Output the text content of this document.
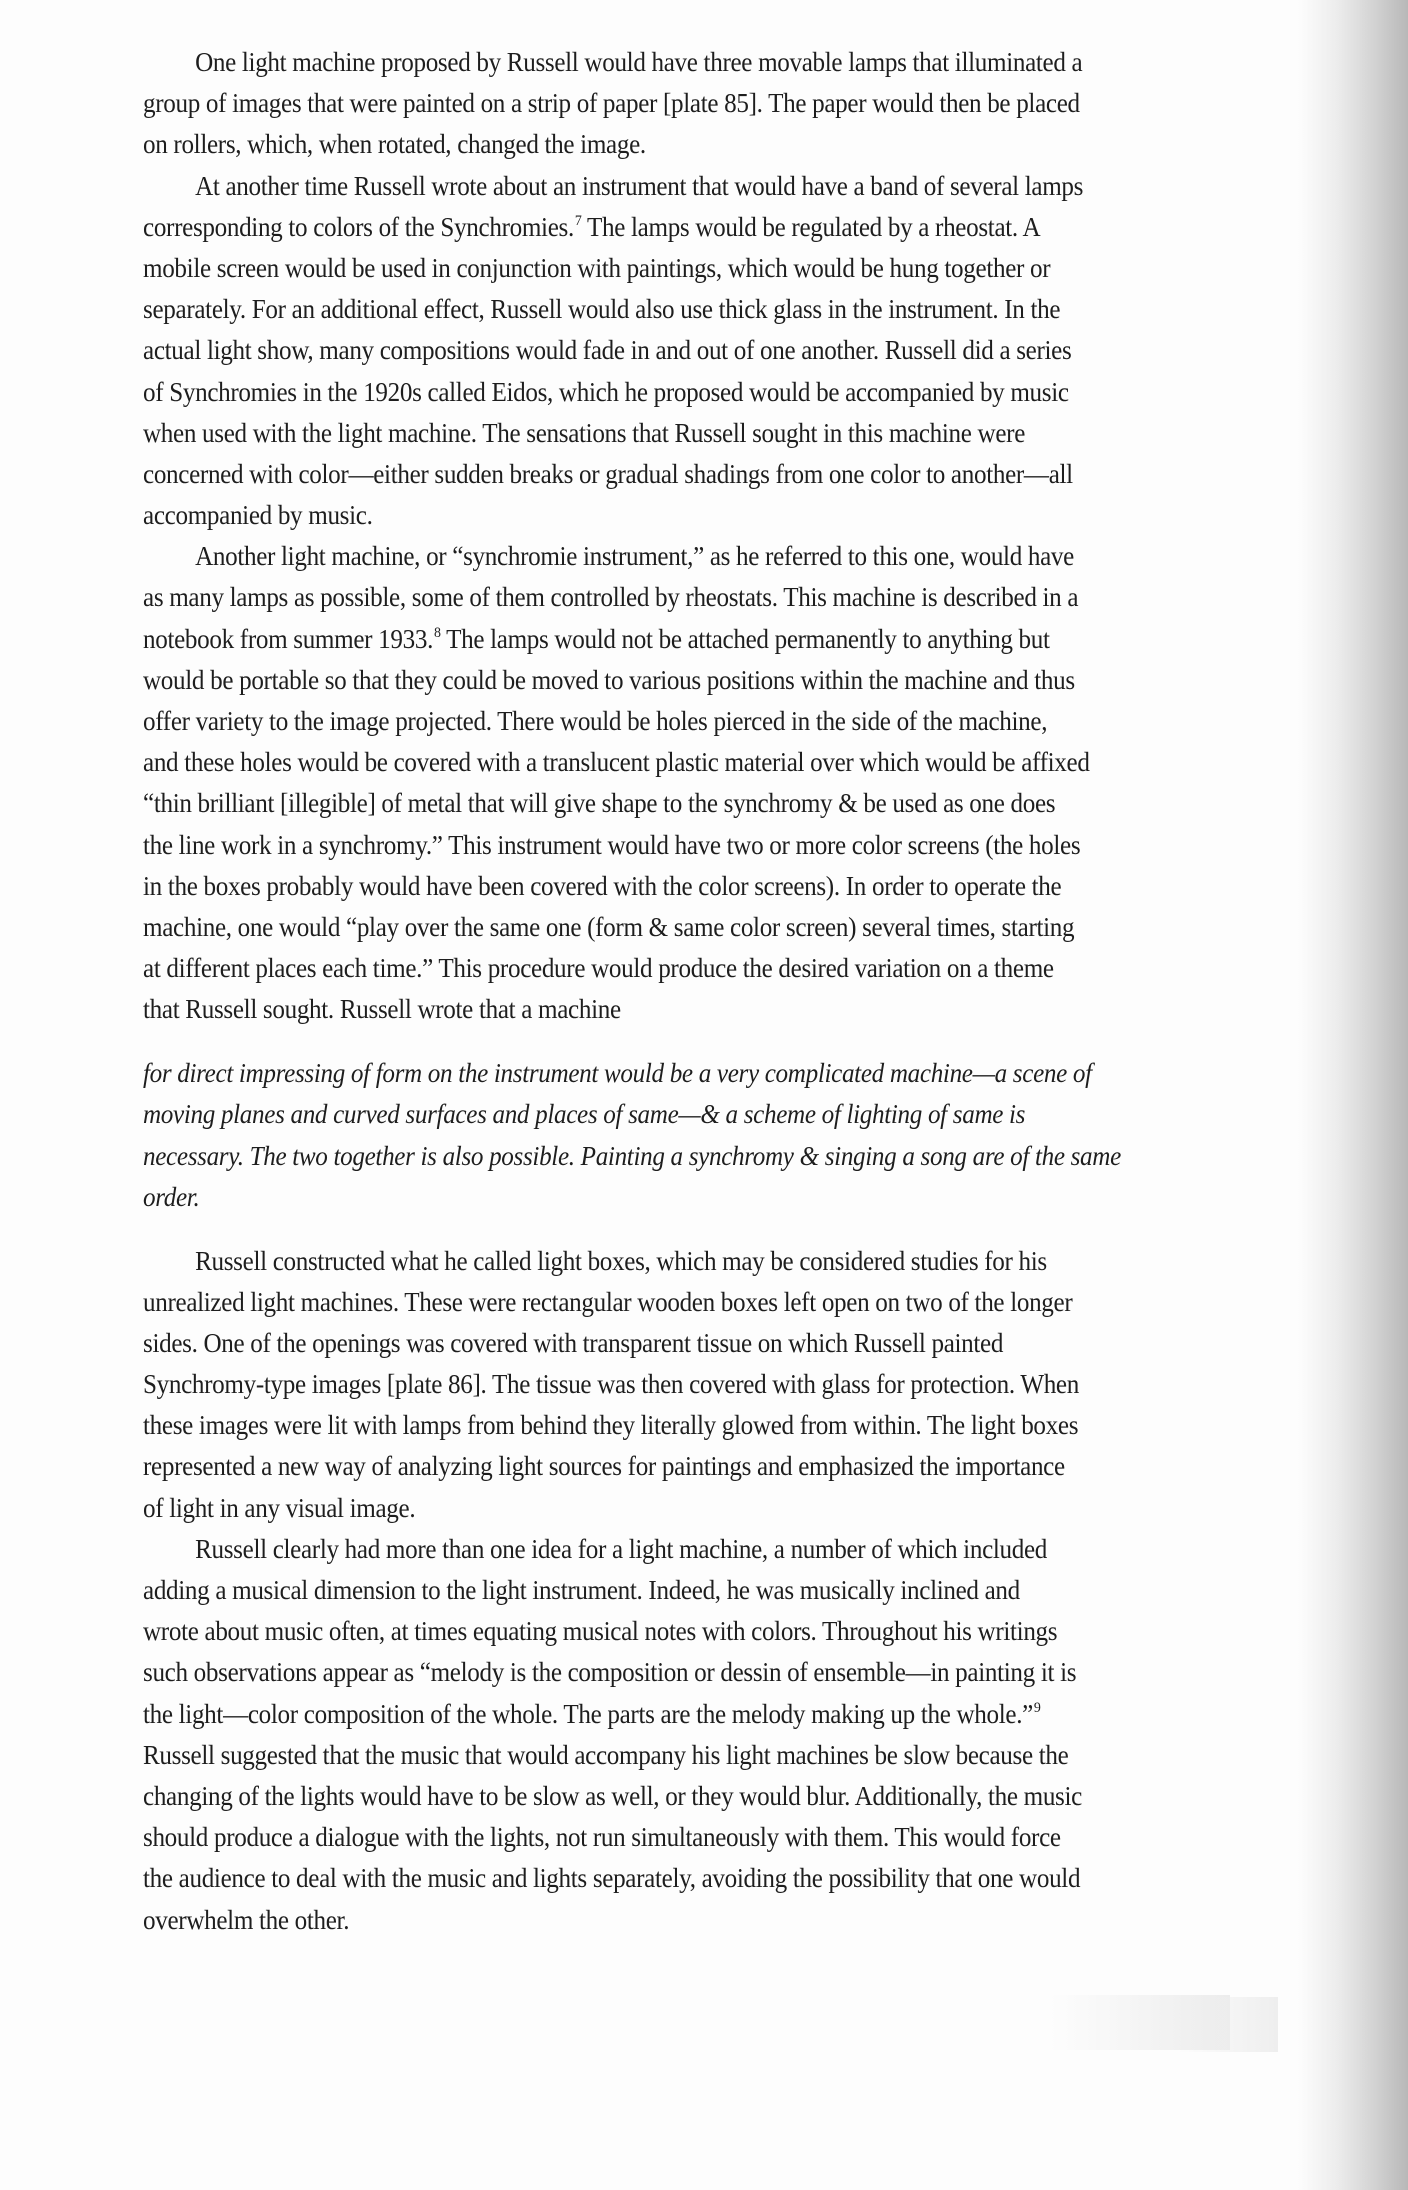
One light machine proposed by Russell would have three movable lamps that illuminated a
group of images that were painted on a strip of paper [plate 85]. The paper would then be placed
on rollers, which, when rotated, changed the image.

At another time Russell wrote about an instrument that would have a band of several lamps
corresponding to colors of the Synchromies.$^7$ The lamps would be regulated by a rheostat. A
mobile screen would be used in conjunction with paintings, which would be hung together or
separately. For an additional effect, Russell would also use thick glass in the instrument. In the
actual light show, many compositions would fade in and out of one another. Russell did a series
of Synchromies in the 1920s called Eidos, which he proposed would be accompanied by music
when used with the light machine. The sensations that Russell sought in this machine were
concerned with color—either sudden breaks or gradual shadings from one color to another—all
accompanied by music.

Another light machine, or “synchromie instrument,” as he referred to this one, would have
as many lamps as possible, some of them controlled by rheostats. This machine is described in a
notebook from summer 1933.$^8$ The lamps would not be attached permanently to anything but
would be portable so that they could be moved to various positions within the machine and thus
offer variety to the image projected. There would be holes pierced in the side of the machine,
and these holes would be covered with a translucent plastic material over which would be affixed
“thin brilliant [illegible] of metal that will give shape to the synchromy & be used as one does
the line work in a synchromy.” This instrument would have two or more color screens (the holes
in the boxes probably would have been covered with the color screens). In order to operate the
machine, one would “play over the same one (form & same color screen) several times, starting
at different places each time.” This procedure would produce the desired variation on a theme
that Russell sought. Russell wrote that a machine

for direct impressing of form on the instrument would be a very complicated machine—a scene of
moving planes and curved surfaces and places of same—& a scheme of lighting of same is
necessary. The two together is also possible. Painting a synchromy & singing a song are of the same
order.

Russell constructed what he called light boxes, which may be considered studies for his
unrealized light machines. These were rectangular wooden boxes left open on two of the longer
sides. One of the openings was covered with transparent tissue on which Russell painted
Synchromy-type images [plate 86]. The tissue was then covered with glass for protection. When
these images were lit with lamps from behind they literally glowed from within. The light boxes
represented a new way of analyzing light sources for paintings and emphasized the importance
of light in any visual image.

Russell clearly had more than one idea for a light machine, a number of which included
adding a musical dimension to the light instrument. Indeed, he was musically inclined and
wrote about music often, at times equating musical notes with colors. Throughout his writings
such observations appear as “melody is the composition or dessin of ensemble—in painting it is
the light—color composition of the whole. The parts are the melody making up the whole.”$^9$
Russell suggested that the music that would accompany his light machines be slow because the
changing of the lights would have to be slow as well, or they would blur. Additionally, the music
should produce a dialogue with the lights, not run simultaneously with them. This would force
the audience to deal with the music and lights separately, avoiding the possibility that one would
overwhelm the other.
